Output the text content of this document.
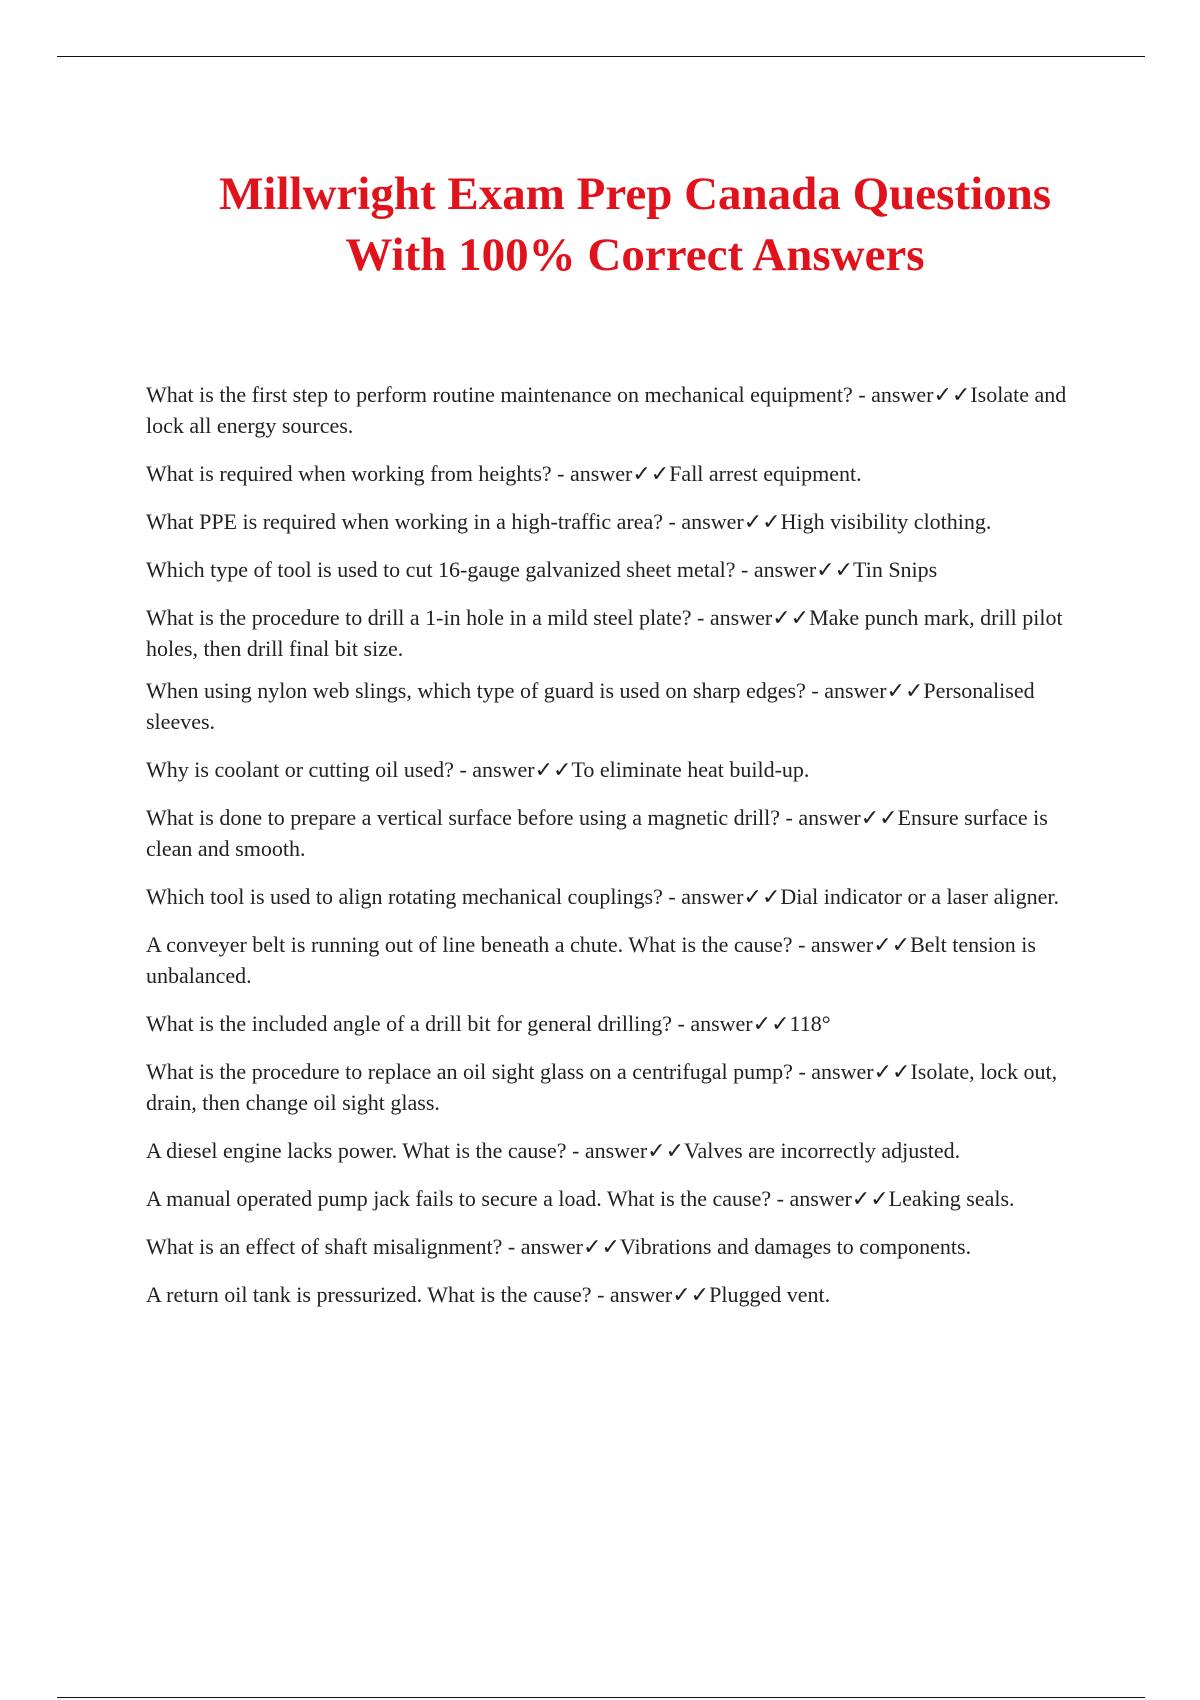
Millwright Exam Prep Canada Questions
With 100% Correct Answers
What is the first step to perform routine maintenance on mechanical equipment? - answer✓✓Isolate and lock all energy sources.
What is required when working from heights? - answer✓✓Fall arrest equipment.
What PPE is required when working in a high-traffic area? - answer✓✓High visibility clothing.
Which type of tool is used to cut 16-gauge galvanized sheet metal? - answer✓✓Tin Snips
What is the procedure to drill a 1-in hole in a mild steel plate? - answer✓✓Make punch mark, drill pilot holes, then drill final bit size.
When using nylon web slings, which type of guard is used on sharp edges? - answer✓✓Personalised sleeves.
Why is coolant or cutting oil used? - answer✓✓To eliminate heat build-up.
What is done to prepare a vertical surface before using a magnetic drill? - answer✓✓Ensure surface is clean and smooth.
Which tool is used to align rotating mechanical couplings? - answer✓✓Dial indicator or a laser aligner.
A conveyer belt is running out of line beneath a chute. What is the cause? - answer✓✓Belt tension is unbalanced.
What is the included angle of a drill bit for general drilling? - answer✓✓118°
What is the procedure to replace an oil sight glass on a centrifugal pump? - answer✓✓Isolate, lock out, drain, then change oil sight glass.
A diesel engine lacks power. What is the cause? - answer✓✓Valves are incorrectly adjusted.
A manual operated pump jack fails to secure a load. What is the cause? - answer✓✓Leaking seals.
What is an effect of shaft misalignment? - answer✓✓Vibrations and damages to components.
A return oil tank is pressurized. What is the cause? - answer✓✓Plugged vent.
